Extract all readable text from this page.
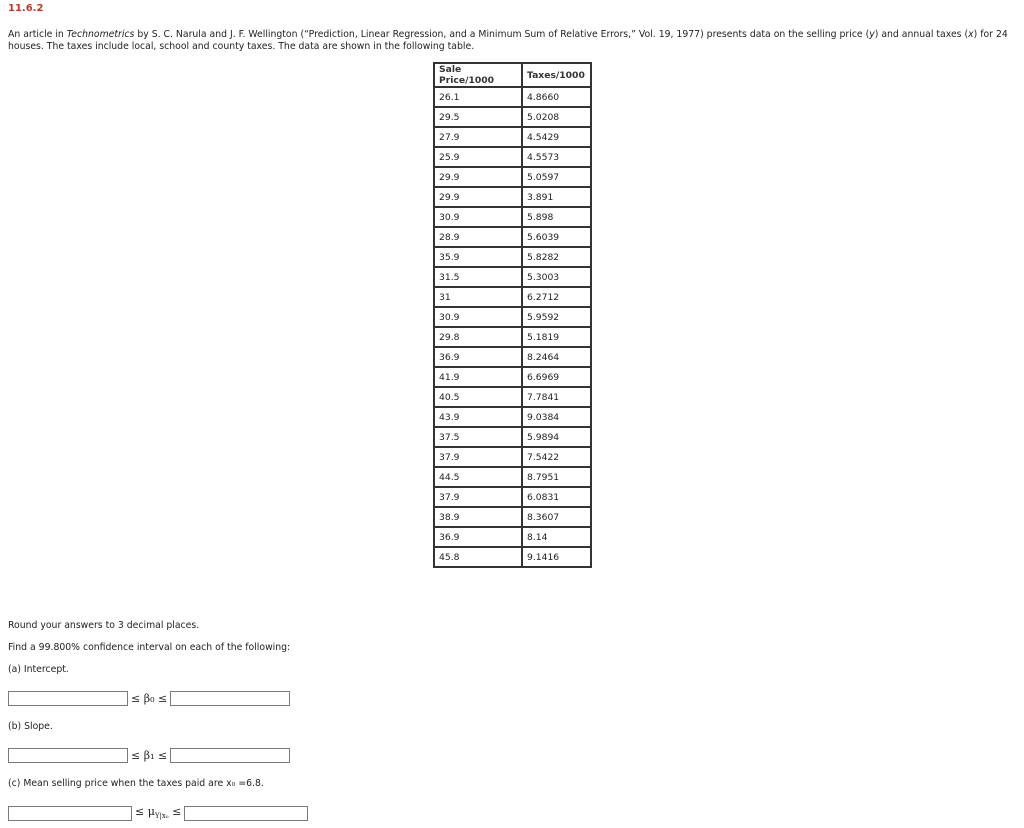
11.6.2
An article in Technometrics by S. C. Narula and J. F. Wellington (“Prediction, Linear Regression, and a Minimum Sum of Relative Errors,” Vol. 19, 1977) presents data on the selling price (y) and annual taxes (x) for 24 houses. The taxes include local, school and county taxes. The data are shown in the following table.
Sale Price/1000	Taxes/1000
26.1	4.8660
29.5	5.0208
27.9	4.5429
25.9	4.5573
29.9	5.0597
29.9	3.891
30.9	5.898
28.9	5.6039
35.9	5.8282
31.5	5.3003
31	6.2712
30.9	5.9592
29.8	5.1819
36.9	8.2464
41.9	6.6969
40.5	7.7841
43.9	9.0384
37.5	5.9894
37.9	7.5422
44.5	8.7951
37.9	6.0831
38.9	8.3607
36.9	8.14
45.8	9.1416
Round your answers to 3 decimal places.
Find a 99.800% confidence interval on each of the following:
(a) Intercept.
≤ β₀ ≤
(b) Slope.
≤ β₁ ≤
(c) Mean selling price when the taxes paid are x₀ =6.8.
≤ $\mu_{Y|x_0}$ ≤
